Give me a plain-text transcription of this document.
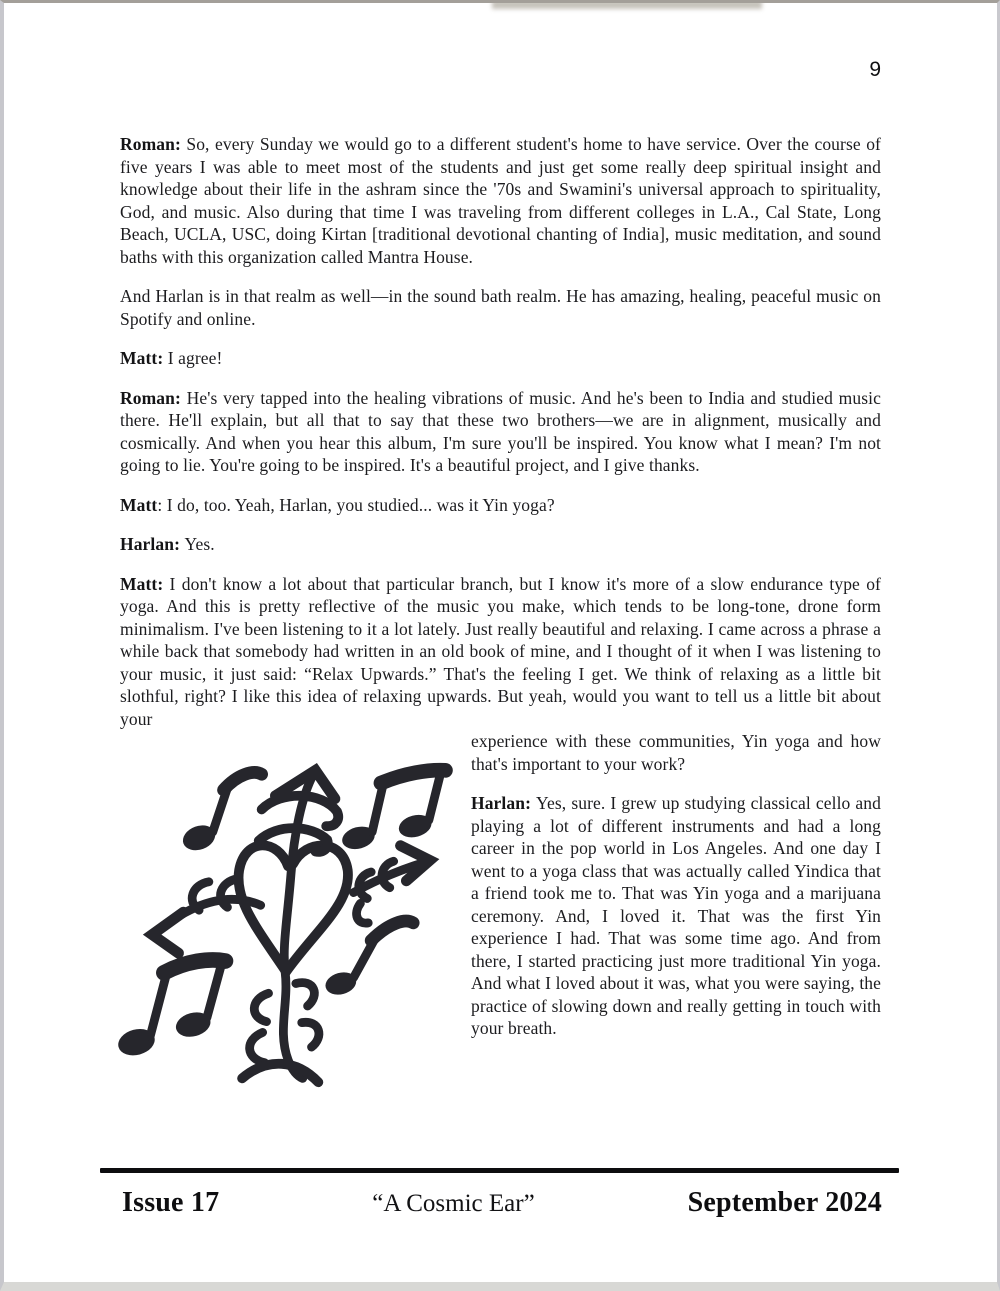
9

Roman: So, every Sunday we would go to a different student's home to have service. Over the course of five years I was able to meet most of the students and just get some really deep spiritual insight and knowledge about their life in the ashram since the '70s and Swamini's universal approach to spirituality, God, and music. Also during that time I was traveling from different colleges in L.A., Cal State, Long Beach, UCLA, USC, doing Kirtan [traditional devotional chanting of India], music meditation, and sound baths with this organization called Mantra House.

And Harlan is in that realm as well—in the sound bath realm. He has amazing, healing, peaceful music on Spotify and online.

Matt: I agree!

Roman: He's very tapped into the healing vibrations of music. And he's been to India and studied music there. He'll explain, but all that to say that these two brothers—we are in alignment, musically and cosmically. And when you hear this album, I'm sure you'll be inspired. You know what I mean? I'm not going to lie. You're going to be inspired. It's a beautiful project, and I give thanks.

Matt: I do, too. Yeah, Harlan, you studied... was it Yin yoga?

Harlan: Yes.

Matt: I don't know a lot about that particular branch, but I know it's more of a slow endurance type of yoga. And this is pretty reflective of the music you make, which tends to be long-tone, drone form minimalism. I've been listening to it a lot lately. Just really beautiful and relaxing. I came across a phrase a while back that somebody had written in an old book of mine, and I thought of it when I was listening to your music, it just said: “Relax Upwards.” That's the feeling I get. We think of relaxing as a little bit slothful, right? I like this idea of relaxing upwards. But yeah, would you want to tell us a little bit about your

experience with these communities, Yin yoga and how that's important to your work?

Harlan: Yes, sure. I grew up studying classical cello and playing a lot of different instruments and had a long career in the pop world in Los Angeles. And one day I went to a yoga class that was actually called Yindica that a friend took me to. That was Yin yoga and a marijuana ceremony. And, I loved it. That was the first Yin experience I had. That was some time ago. And from there, I started practicing just more traditional Yin yoga. And what I loved about it was, what you were saying, the practice of slowing down and really getting in touch with your breath.

Issue 17	“A Cosmic Ear”	September 2024
